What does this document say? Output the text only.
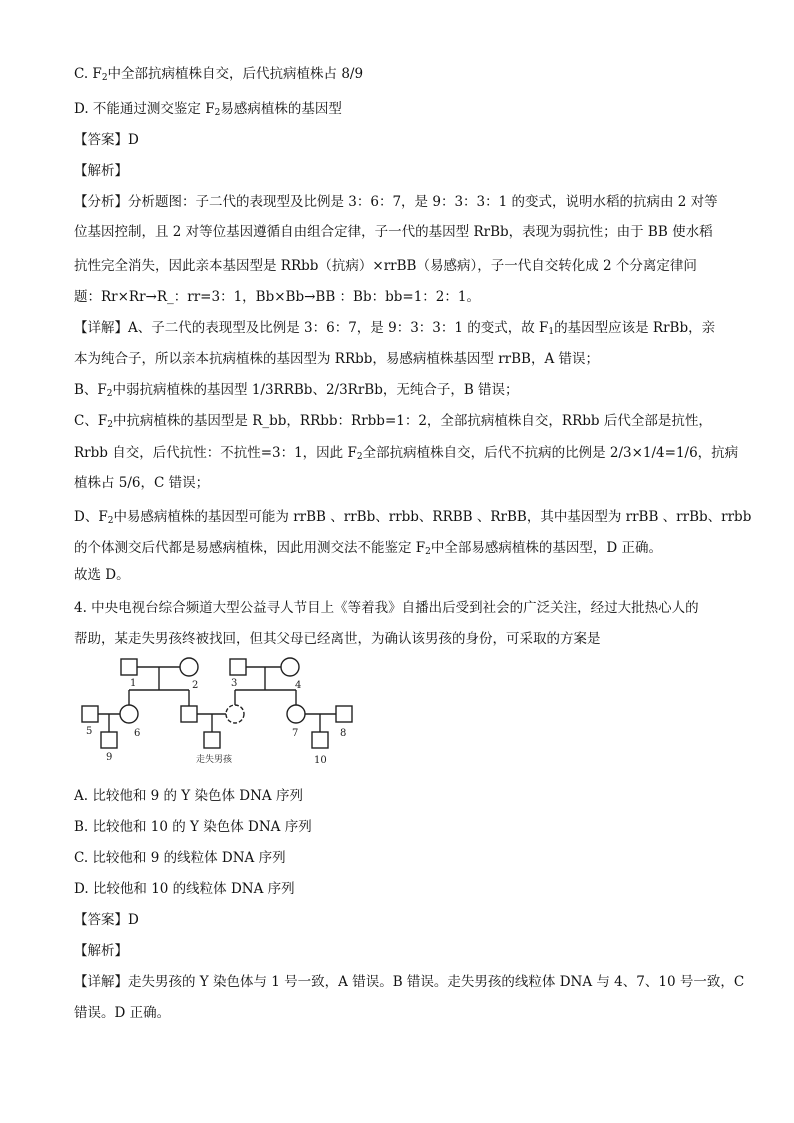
C. $F_2$中全部抗病植株自交，后代抗病植株占 8/9
D. 不能通过测交鉴定 $F_2$易感病植株的基因型
【答案】D
【解析】
【分析】分析题图：子二代的表现型及比例是 3：6：7，是 9：3：3：1 的变式，说明水稻的抗病由 2 对等
位基因控制，且 2 对等位基因遵循自由组合定律，子一代的基因型 RrBb，表现为弱抗性；由于 BB 使水稻
抗性完全消失，因此亲本基因型是 RRbb（抗病）×rrBB（易感病），子一代自交转化成 2 个分离定律问
题：Rr×Rr→R_：rr=3：1，Bb×Bb→BB ：Bb：bb=1：2：1。
【详解】A、子二代的表现型及比例是 3：6：7，是 9：3：3：1 的变式，故 $F_1$的基因型应该是 RrBb，亲
本为纯合子，所以亲本抗病植株的基因型为 RRbb，易感病植株基因型 rrBB，A 错误；
B、$F_2$中弱抗病植株的基因型 1/3RRBb、2/3RrBb，无纯合子，B 错误；
C、$F_2$中抗病植株的基因型是 R_bb，RRbb：Rrbb=1：2，全部抗病植株自交，RRbb 后代全部是抗性，
Rrbb 自交，后代抗性：不抗性=3：1，因此 $F_2$全部抗病植株自交，后代不抗病的比例是 2/3×1/4=1/6，抗病
植株占 5/6，C 错误；
D、$F_2$中易感病植株的基因型可能为 rrBB 、rrBb、rrbb、RRBB 、RrBB，其中基因型为 rrBB 、rrBb、rrbb
的个体测交后代都是易感病植株，因此用测交法不能鉴定 $F_2$中全部易感病植株的基因型，D 正确。
故选 D。
4. 中央电视台综合频道大型公益寻人节目上《等着我》自播出后受到社会的广泛关注，经过大批热心人的
帮助，某走失男孩终被找回，但其父母已经离世，为确认该男孩的身份，可采取的方案是
1	2	3	4
5	6	7	8
9	10
走失男孩
A. 比较他和 9 的 Y 染色体 DNA 序列
B. 比较他和 10 的 Y 染色体 DNA 序列
C. 比较他和 9 的线粒体 DNA 序列
D. 比较他和 10 的线粒体 DNA 序列
【答案】D
【解析】
【详解】走失男孩的 Y 染色体与 1 号一致，A 错误。B 错误。走失男孩的线粒体 DNA 与 4、7、10 号一致，C
错误。D 正确。
